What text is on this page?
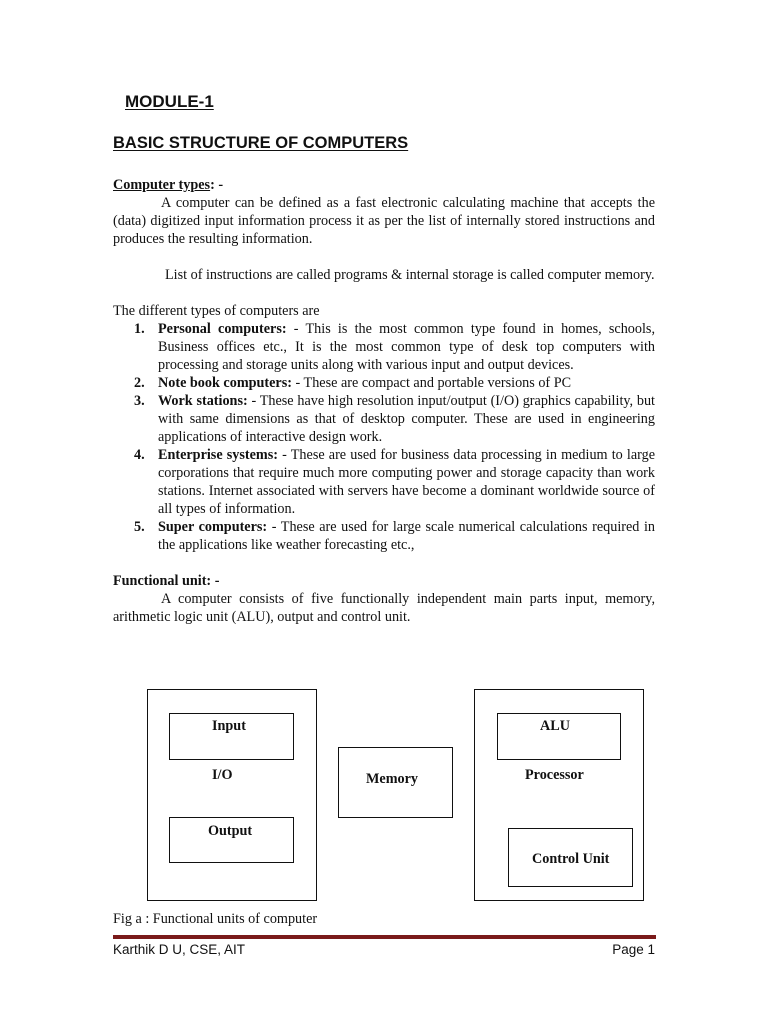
MODULE-1
BASIC STRUCTURE OF COMPUTERS

Computer types: -

A computer can be defined as a fast electronic calculating machine that accepts the (data) digitized input information process it as per the list of internally stored instructions and produces the resulting information.

List of instructions are called programs & internal storage is called computer memory.

The different types of computers are

Personal computers: - This is the most common type found in homes, schools, Business offices etc., It is the most common type of desk top computers with processing and storage units along with various input and output devices.
Note book computers: - These are compact and portable versions of PC
Work stations: - These have high resolution input/output (I/O) graphics capability, but with same dimensions as that of desktop computer. These are used in engineering applications of interactive design work.
Enterprise systems: - These are used for business data processing in medium to large corporations that require much more computing power and storage capacity than work stations. Internet associated with servers have become a dominant worldwide source of all types of information.
Super computers: - These are used for large scale numerical calculations required in the applications like weather forecasting etc.,

Functional unit: -

A computer consists of five functionally independent main parts input, memory, arithmetic logic unit (ALU), output and control unit.

Input
I/O
Output
Memory
ALU
Processor
Control Unit
Fig a : Functional units of computer
Karthik D U, CSE, AIT	Page 1
